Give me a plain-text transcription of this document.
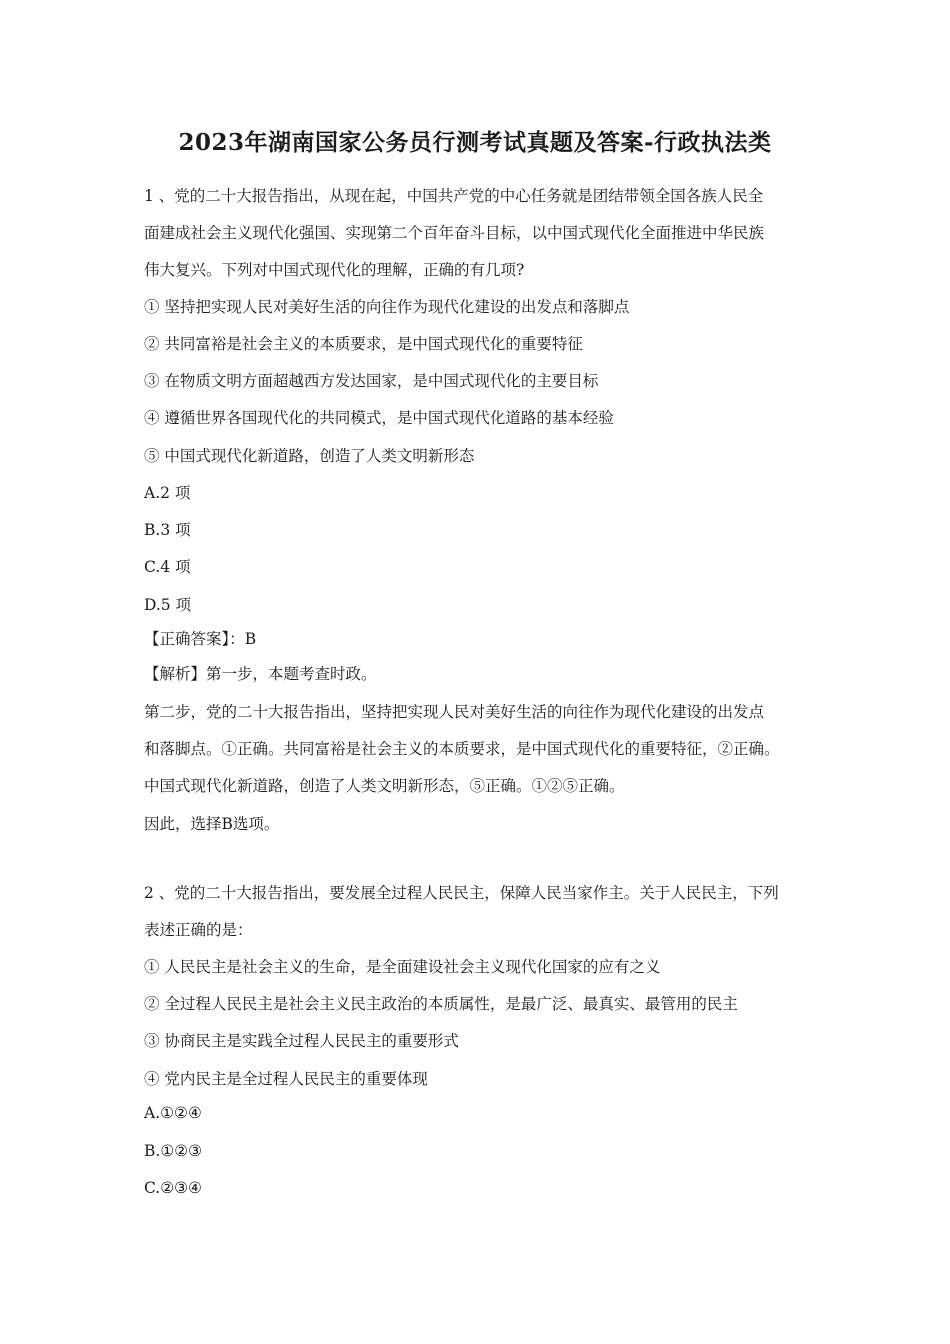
2023年湖南国家公务员行测考试真题及答案-行政执法类
1 、党的二十大报告指出，从现在起，中国共产党的中心任务就是团结带领全国各族人民全
面建成社会主义现代化强国、实现第二个百年奋斗目标，以中国式现代化全面推进中华民族
伟大复兴。下列对中国式现代化的理解，正确的有几项?
① 坚持把实现人民对美好生活的向往作为现代化建设的出发点和落脚点
② 共同富裕是社会主义的本质要求，是中国式现代化的重要特征
③ 在物质文明方面超越西方发达国家，是中国式现代化的主要目标
④ 遵循世界各国现代化的共同模式，是中国式现代化道路的基本经验
⑤ 中国式现代化新道路，创造了人类文明新形态
A.2 项
B.3 项
C.4 项
D.5 项
【正确答案】：B
【解析】第一步，本题考查时政。
第二步，党的二十大报告指出，坚持把实现人民对美好生活的向往作为现代化建设的出发点
和落脚点。①正确。共同富裕是社会主义的本质要求，是中国式现代化的重要特征，②正确。
中国式现代化新道路，创造了人类文明新形态，⑤正确。①②⑤正确。
因此，选择B选项。
2 、党的二十大报告指出，要发展全过程人民民主，保障人民当家作主。关于人民民主，下列
表述正确的是：
① 人民民主是社会主义的生命，是全面建设社会主义现代化国家的应有之义
② 全过程人民民主是社会主义民主政治的本质属性，是最广泛、最真实、最管用的民主
③ 协商民主是实践全过程人民民主的重要形式
④ 党内民主是全过程人民民主的重要体现
A.①②④
B.①②③
C.②③④
